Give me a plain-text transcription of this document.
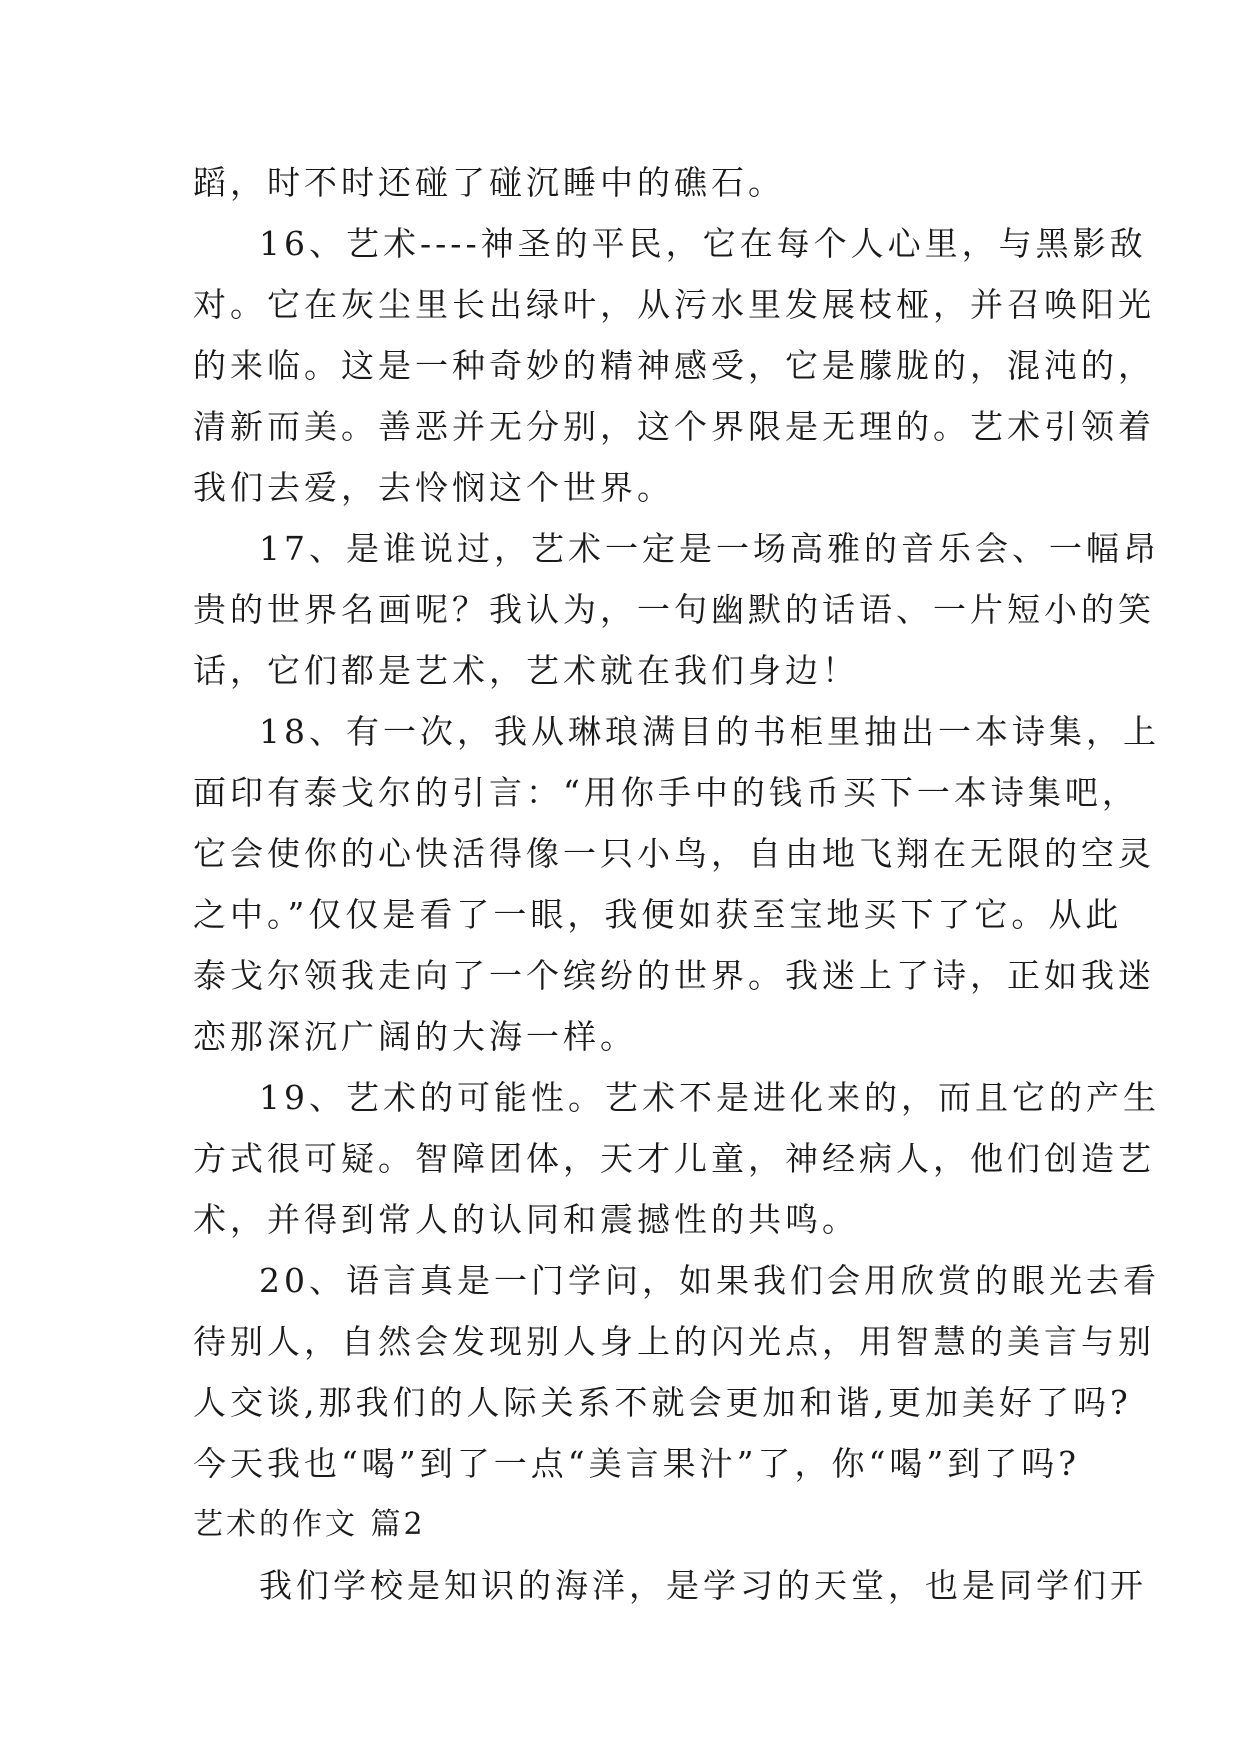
蹈，时不时还碰了碰沉睡中的礁石。
16、艺术----神圣的平民，它在每个人心里，与黑影敌
对。它在灰尘里长出绿叶，从污水里发展枝桠，并召唤阳光
的来临。这是一种奇妙的精神感受，它是朦胧的，混沌的，
清新而美。善恶并无分别，这个界限是无理的。艺术引领着
我们去爱，去怜悯这个世界。
17、是谁说过，艺术一定是一场高雅的音乐会、一幅昂
贵的世界名画呢？我认为，一句幽默的话语、一片短小的笑
话，它们都是艺术，艺术就在我们身边！
18、有一次，我从琳琅满目的书柜里抽出一本诗集，上
面印有泰戈尔的引言：“用你手中的钱币买下一本诗集吧，
它会使你的心快活得像一只小鸟，自由地飞翔在无限的空灵
之中。”仅仅是看了一眼，我便如获至宝地买下了它。从此
泰戈尔领我走向了一个缤纷的世界。我迷上了诗，正如我迷
恋那深沉广阔的大海一样。
19、艺术的可能性。艺术不是进化来的，而且它的产生
方式很可疑。智障团体，天才儿童，神经病人，他们创造艺
术，并得到常人的认同和震撼性的共鸣。
20、语言真是一门学问，如果我们会用欣赏的眼光去看
待别人，自然会发现别人身上的闪光点，用智慧的美言与别
人交谈,那我们的人际关系不就会更加和谐,更加美好了吗?
今天我也“喝”到了一点“美言果汁”了，你“喝”到了吗?
艺术的作文 篇2
我们学校是知识的海洋，是学习的天堂，也是同学们开
